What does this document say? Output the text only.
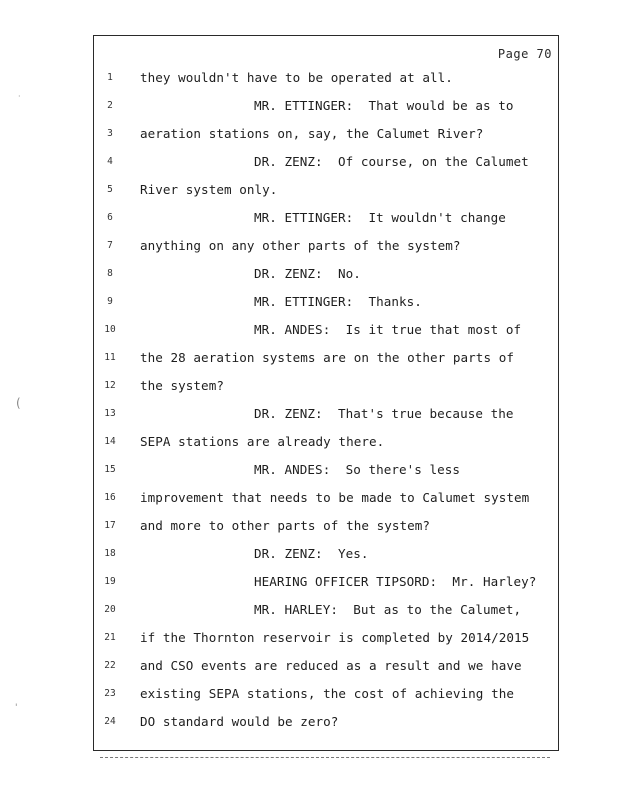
Page 70
1
2
3
4
5
6
7
8
9
10
11
12
13
14
15
16
17
18
19
20
21
22
23
24
they wouldn't have to be operated at all.
MR. ETTINGER:  That would be as to
aeration stations on, say, the Calumet River?
DR. ZENZ:  Of course, on the Calumet
River system only.
MR. ETTINGER:  It wouldn't change
anything on any other parts of the system?
DR. ZENZ:  No.
MR. ETTINGER:  Thanks.
MR. ANDES:  Is it true that most of
the 28 aeration systems are on the other parts of
the system?
DR. ZENZ:  That's true because the
SEPA stations are already there.
MR. ANDES:  So there's less
improvement that needs to be made to Calumet system
and more to other parts of the system?
DR. ZENZ:  Yes.
HEARING OFFICER TIPSORD:  Mr. Harley?
MR. HARLEY:  But as to the Calumet,
if the Thornton reservoir is completed by 2014/2015
and CSO events are reduced as a result and we have
existing SEPA stations, the cost of achieving the
DO standard would be zero?
(
·
'
